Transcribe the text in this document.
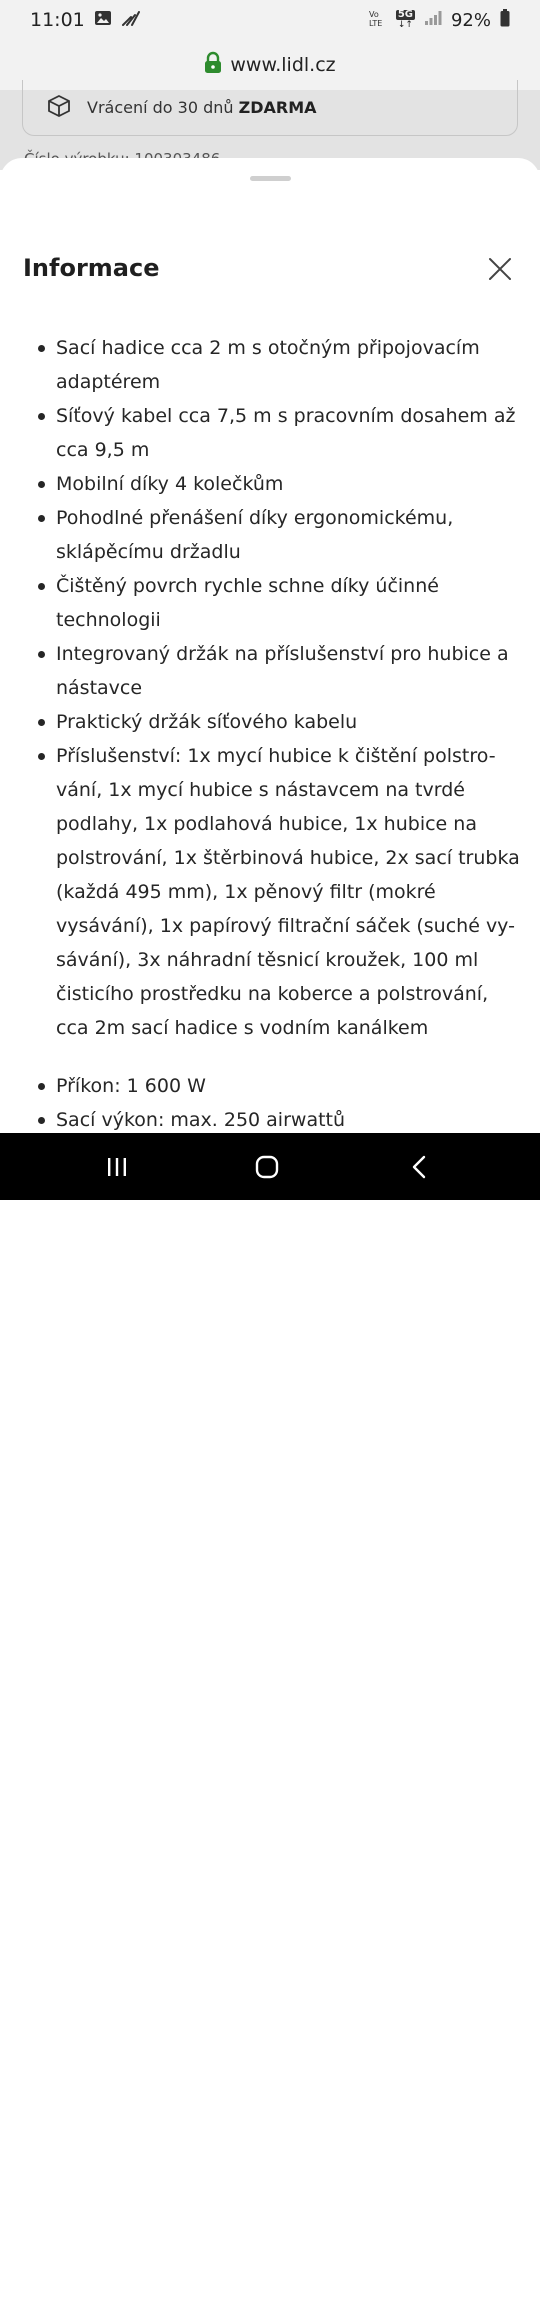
11:01	Vo
LTE
5G
↓↑ 92%
www.lidl.cz
Vrácení do 30 dnů ZDARMA
Informace
Sací hadice cca 2 m s otočným připojovacím adaptérem
Síťový kabel cca 7,5 m s pracovním dosahem až cca 9,5 m
Mobilní díky 4 kolečkům
Pohodlné přenášení díky ergonomickému, sklápěcímu držadlu
Čištěný povrch rychle schne díky účinné technologii
Integrovaný držák na příslušenství pro hubice a nástavce
Praktický držák síťového kabelu
Příslušenství: 1x mycí hubice k čištění polstro- vání, 1x mycí hubice s nástavcem na tvrdé podlahy, 1x podlahová hubice, 1x hubice na polstrování, 1x štěrbinová hubice, 2x sací trubka (každá 495 mm), 1x pěnový filtr (mokré vysávání), 1x papírový filtrační sáček (suché vy- sávání), 3x náhradní těsnicí kroužek, 100 ml čisticího prostředku na koberce a polstrování, cca 2m sací hadice s vodním kanálkem
Příkon: 1 600 W
Sací výkon: max. 250 airwattů
@( Bazos.cz
